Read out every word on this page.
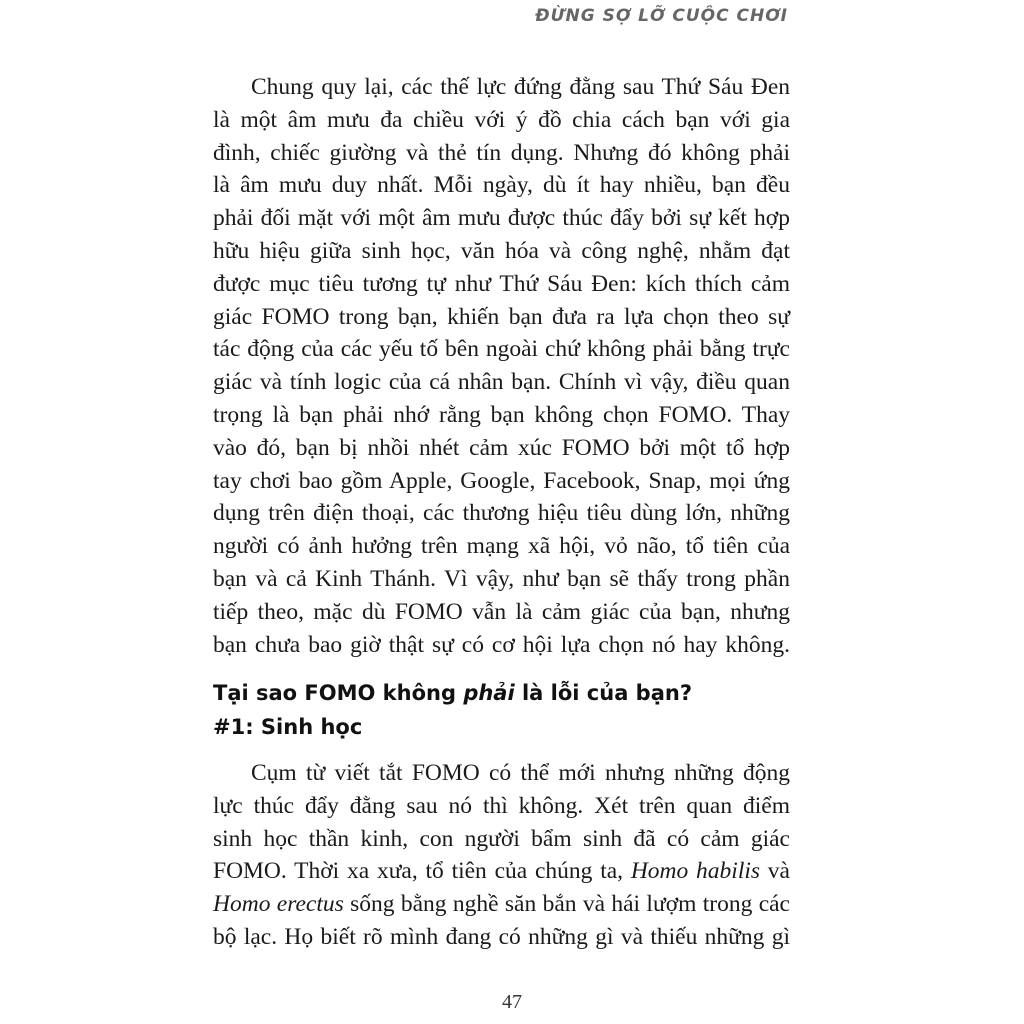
ĐỪNG SỢ LỠ CUỘC CHƠI
Chung quy lại, các thế lực đứng đằng sau Thứ Sáu Đen
là một âm mưu đa chiều với ý đồ chia cách bạn với gia
đình, chiếc giường và thẻ tín dụng. Nhưng đó không phải
là âm mưu duy nhất. Mỗi ngày, dù ít hay nhiều, bạn đều
phải đối mặt với một âm mưu được thúc đẩy bởi sự kết hợp
hữu hiệu giữa sinh học, văn hóa và công nghệ, nhằm đạt
được mục tiêu tương tự như Thứ Sáu Đen: kích thích cảm
giác FOMO trong bạn, khiến bạn đưa ra lựa chọn theo sự
tác động của các yếu tố bên ngoài chứ không phải bằng trực
giác và tính logic của cá nhân bạn. Chính vì vậy, điều quan
trọng là bạn phải nhớ rằng bạn không chọn FOMO. Thay
vào đó, bạn bị nhồi nhét cảm xúc FOMO bởi một tổ hợp
tay chơi bao gồm Apple, Google, Facebook, Snap, mọi ứng
dụng trên điện thoại, các thương hiệu tiêu dùng lớn, những
người có ảnh hưởng trên mạng xã hội, vỏ não, tổ tiên của
bạn và cả Kinh Thánh. Vì vậy, như bạn sẽ thấy trong phần
tiếp theo, mặc dù FOMO vẫn là cảm giác của bạn, nhưng
bạn chưa bao giờ thật sự có cơ hội lựa chọn nó hay không.
Tại sao FOMO không phải là lỗi của bạn?
#1: Sinh học
Cụm từ viết tắt FOMO có thể mới nhưng những động
lực thúc đẩy đằng sau nó thì không. Xét trên quan điểm
sinh học thần kinh, con người bẩm sinh đã có cảm giác
FOMO. Thời xa xưa, tổ tiên của chúng ta, Homo habilis và
Homo erectus sống bằng nghề săn bắn và hái lượm trong các
bộ lạc. Họ biết rõ mình đang có những gì và thiếu những gì
47
